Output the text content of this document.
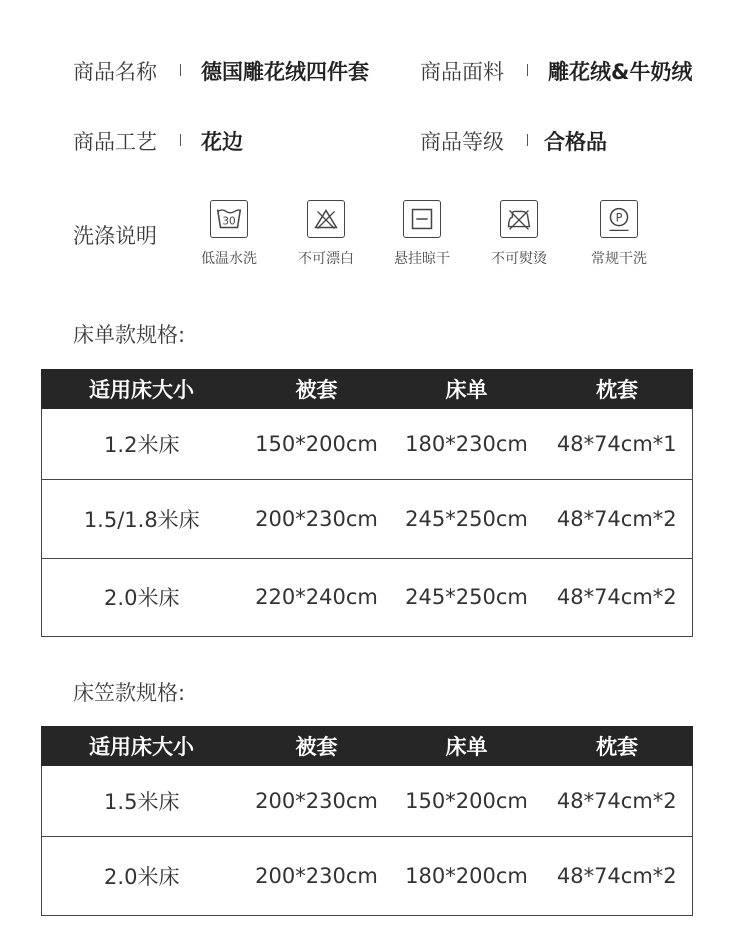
商品名称 德国雕花绒四件套 商品面料 雕花绒&牛奶绒
商品工艺 花边	商品等级 合格品
洗涤说明
30
低温水洗	不可漂白	悬挂晾干	不可熨烫
P
常规干洗
床单款规格:
适用床大小	被套	床单	枕套
1.2米床	150*200cm	180*230cm	48*74cm*1
1.5/1.8米床	200*230cm	245*250cm	48*74cm*2
2.0米床	220*240cm	245*250cm	48*74cm*2
床笠款规格:
适用床大小	被套	床单	枕套
1.5米床	200*230cm	150*200cm	48*74cm*2
2.0米床	200*230cm	180*200cm	48*74cm*2
